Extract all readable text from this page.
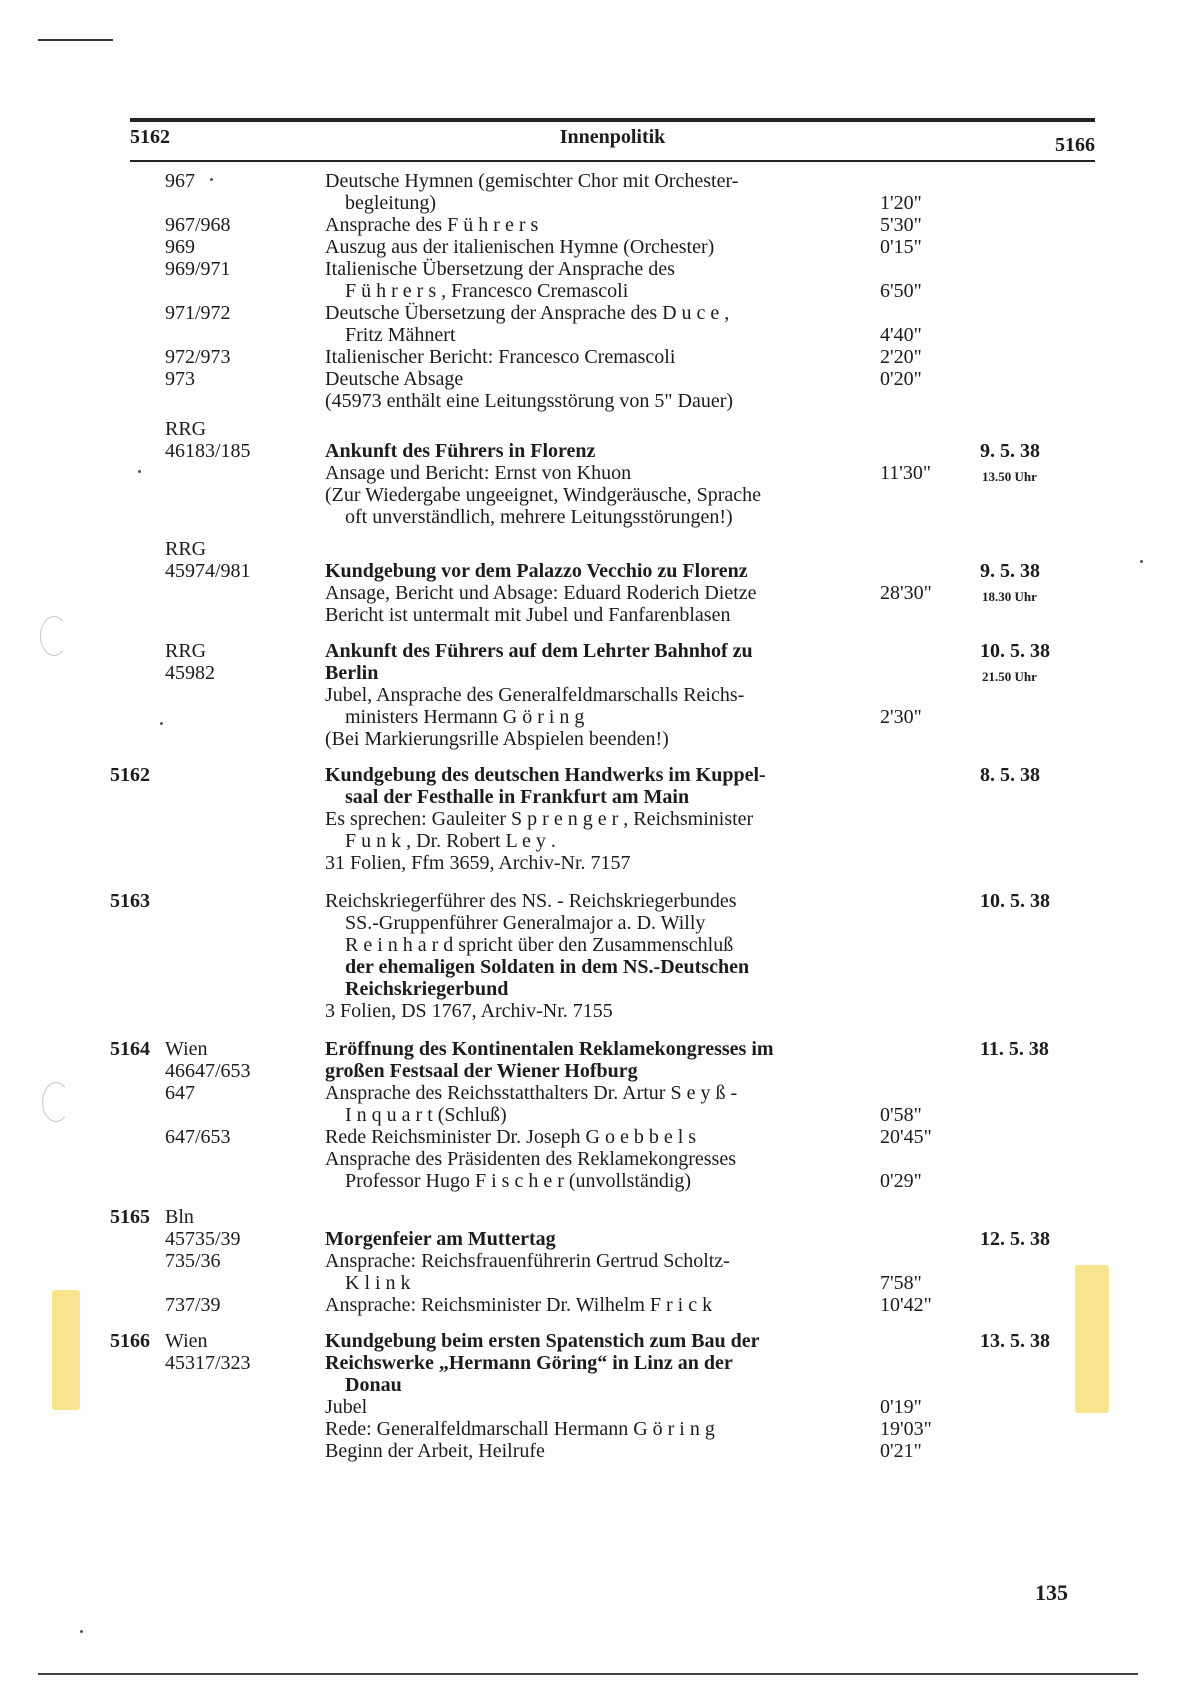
5162	Innenpolitik	5166
967	Deutsche Hymnen (gemischter Chor mit Orchester-
begleitung)	1'20"
967/968	Ansprache des F ü h r e r s	5'30"
969	Auszug aus der italienischen Hymne (Orchester)	0'15"
969/971	Italienische Übersetzung der Ansprache des
F ü h r e r s , Francesco Cremascoli	6'50"
971/972	Deutsche Übersetzung der Ansprache des D u c e ,
Fritz Mähnert	4'40"
972/973	Italienischer Bericht: Francesco Cremascoli	2'20"
973	Deutsche Absage	0'20"
(45973 enthält eine Leitungsstörung von 5" Dauer)
RRG
46183/185	Ankunft des Führers in Florenz	9. 5. 38
Ansage und Bericht: Ernst von Khuon	11'30"	13.50 Uhr
(Zur Wiedergabe ungeeignet, Windgeräusche, Sprache
oft unverständlich, mehrere Leitungsstörungen!)
RRG
45974/981	Kundgebung vor dem Palazzo Vecchio zu Florenz	9. 5. 38
Ansage, Bericht und Absage: Eduard Roderich Dietze	28'30"	18.30 Uhr
Bericht ist untermalt mit Jubel und Fanfarenblasen
RRG	Ankunft des Führers auf dem Lehrter Bahnhof zu	10. 5. 38
45982	Berlin	21.50 Uhr
Jubel, Ansprache des Generalfeldmarschalls Reichs-
ministers Hermann G ö r i n g	2'30"
(Bei Markierungsrille Abspielen beenden!)
5162	Kundgebung des deutschen Handwerks im Kuppel-	8. 5. 38
saal der Festhalle in Frankfurt am Main
Es sprechen: Gauleiter S p r e n g e r , Reichsminister
F u n k , Dr. Robert L e y .
31 Folien, Ffm 3659, Archiv-Nr. 7157
5163	Reichskriegerführer des NS. - Reichskriegerbundes	10. 5. 38
SS.-Gruppenführer Generalmajor a. D. Willy
R e i n h a r d spricht über den Zusammenschluß
der ehemaligen Soldaten in dem NS.-Deutschen
Reichskriegerbund
3 Folien, DS 1767, Archiv-Nr. 7155
5164 Wien	Eröffnung des Kontinentalen Reklamekongresses im	11. 5. 38
46647/653	großen Festsaal der Wiener Hofburg
647	Ansprache des Reichsstatthalters Dr. Artur S e y ß -
I n q u a r t (Schluß)	0'58"
647/653	Rede Reichsminister Dr. Joseph G o e b b e l s	20'45"
Ansprache des Präsidenten des Reklamekongresses
Professor Hugo F i s c h e r (unvollständig)	0'29"
5165 Bln
45735/39	Morgenfeier am Muttertag	12. 5. 38
735/36	Ansprache: Reichsfrauenführerin Gertrud Scholtz-
K l i n k	7'58"
737/39	Ansprache: Reichsminister Dr. Wilhelm F r i c k	10'42"
5166 Wien	Kundgebung beim ersten Spatenstich zum Bau der	13. 5. 38
45317/323	Reichswerke „Hermann Göring“ in Linz an der
Donau
Jubel	0'19"
Rede: Generalfeldmarschall Hermann G ö r i n g	19'03"
Beginn der Arbeit, Heilrufe	0'21"
135
